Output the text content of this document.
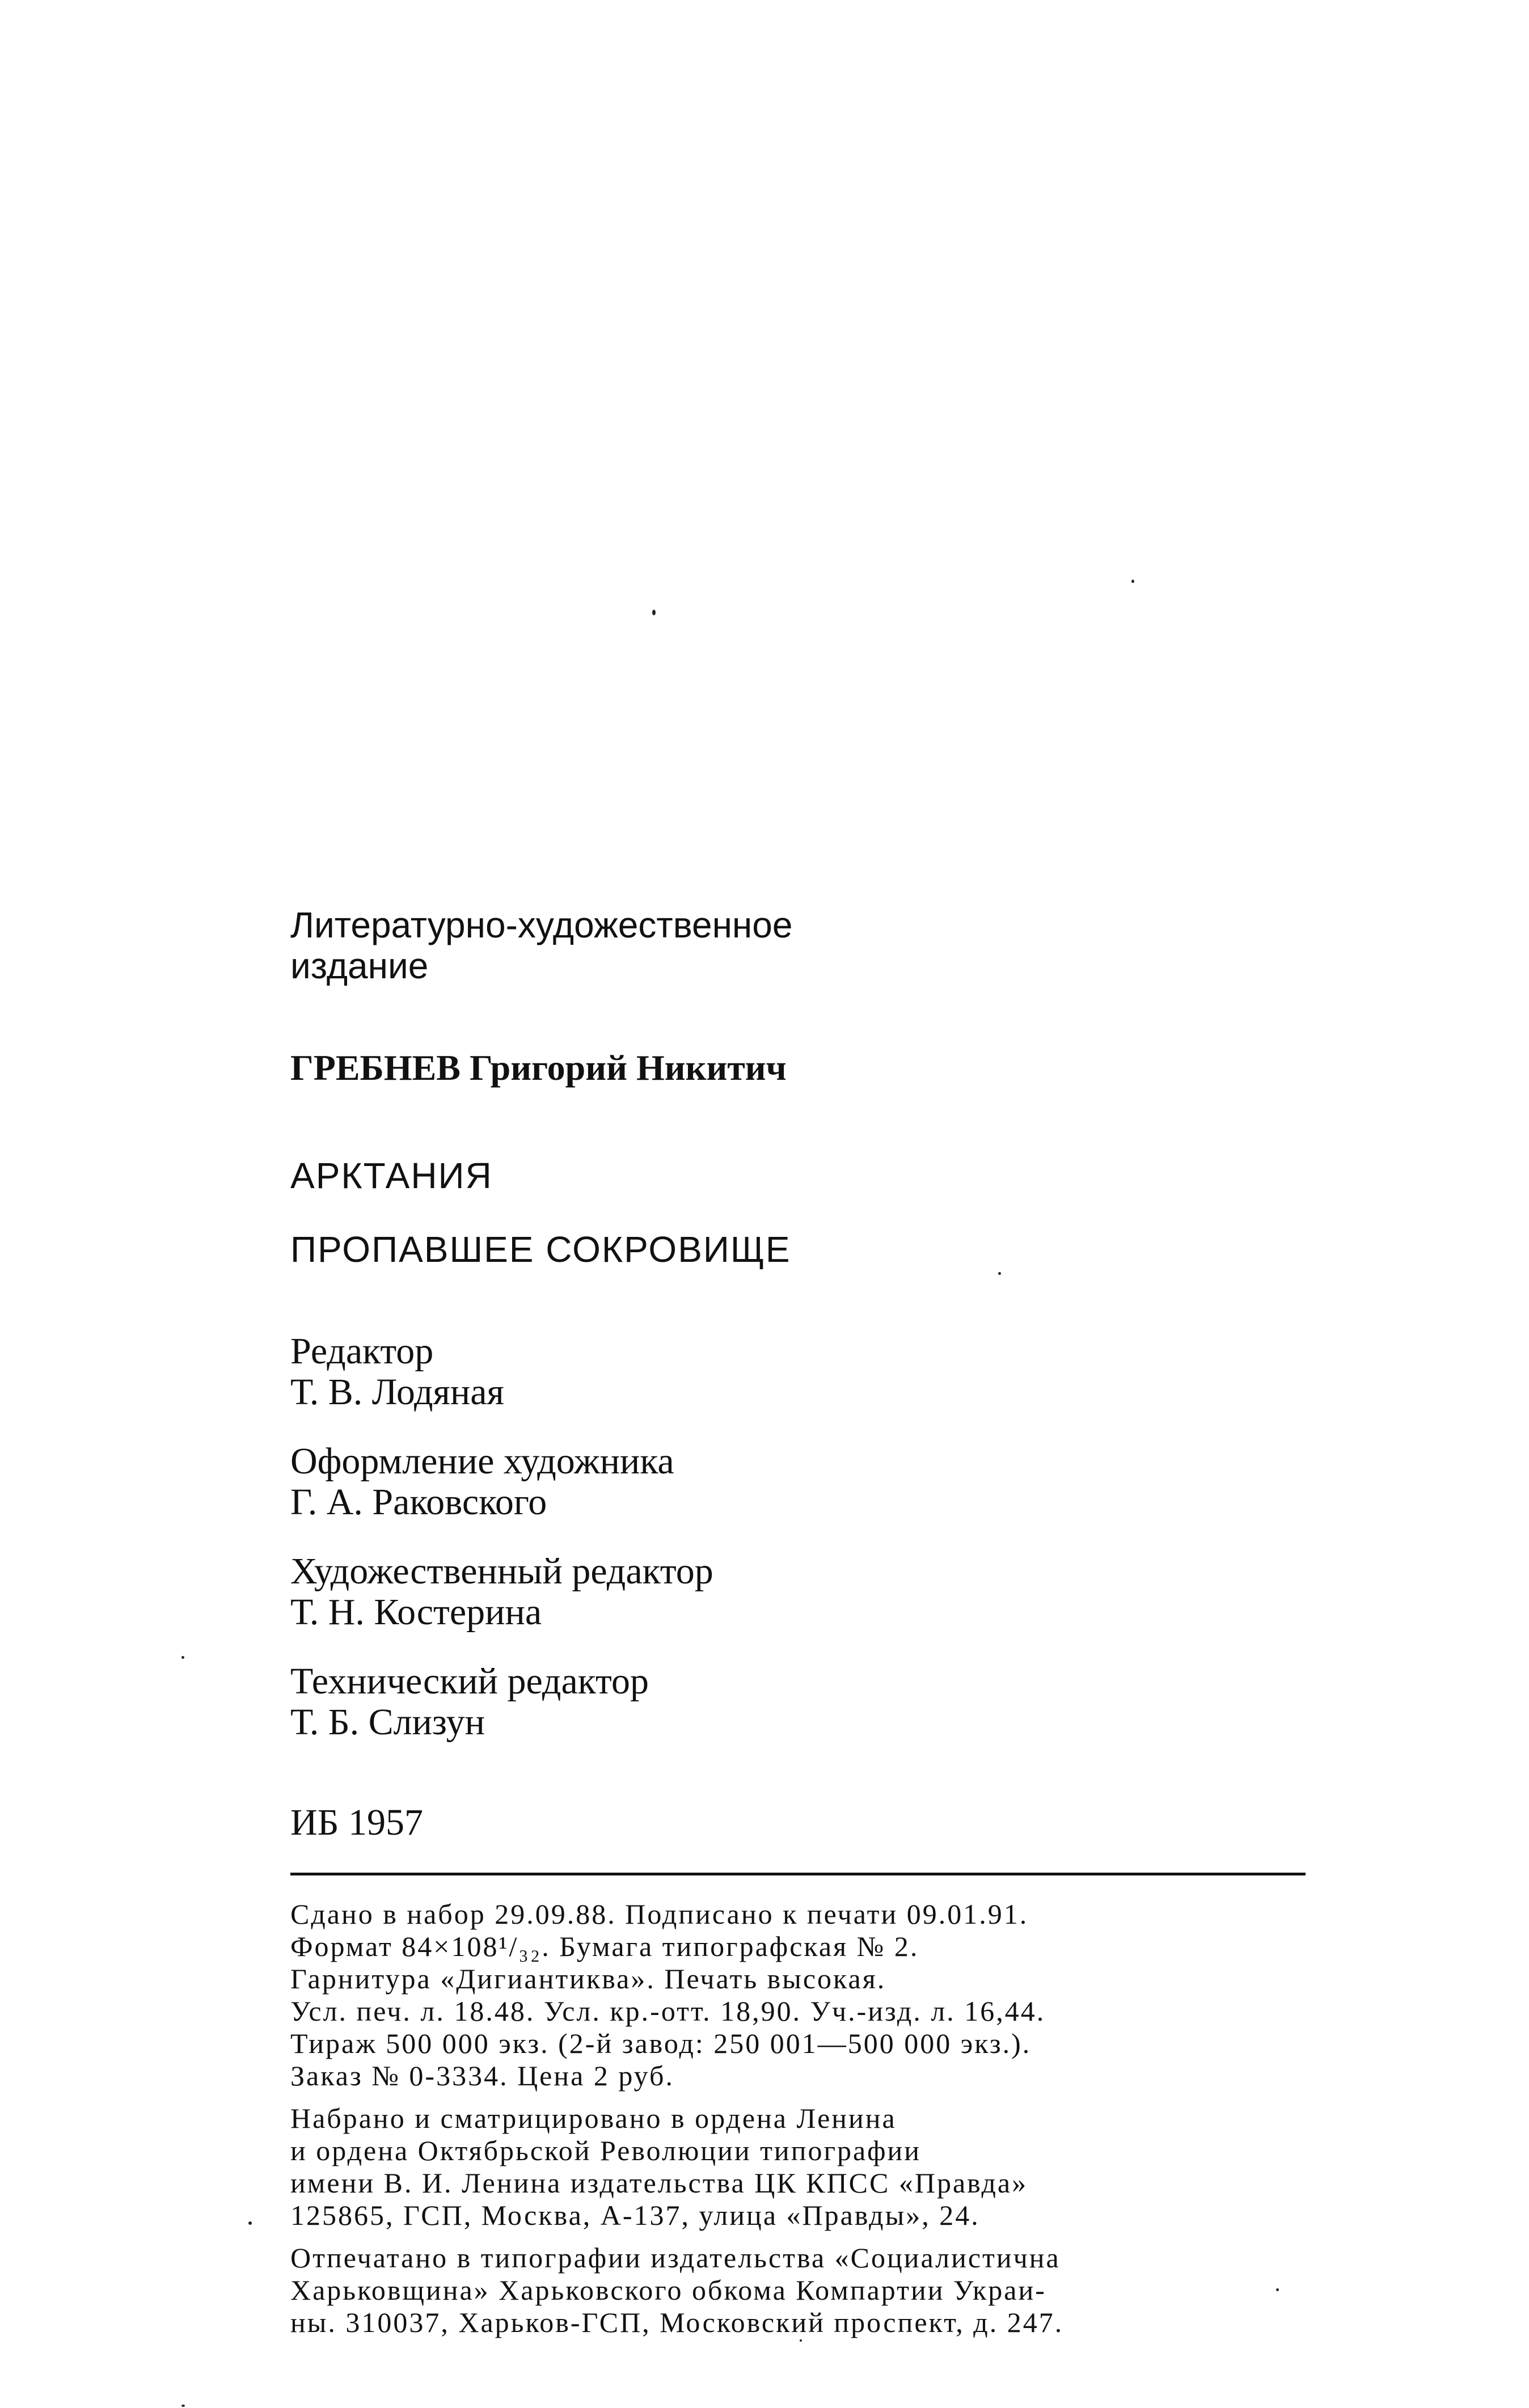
Литературно-художественное
издание
ГРЕБНЕВ Григорий Никитич
АРКТАНИЯ
ПРОПАВШЕЕ СОКРОВИЩЕ
Редактор
Т. В. Лодяная
Оформление художника
Г. А. Раковского
Художественный редактор
Т. Н. Костерина
Технический редактор
Т. Б. Слизун
ИБ 1957

Сдано в набор 29.09.88. Подписано к печати 09.01.91.
Формат 84×108¹/₃₂. Бумага типографская № 2.
Гарнитура «Дигиантиква». Печать высокая.
Усл. печ. л. 18.48. Усл. кр.-отт. 18,90. Уч.-изд. л. 16,44.
Тираж 500 000 экз. (2-й завод: 250 001—500 000 экз.).
Заказ № 0-3334. Цена 2 руб.

Набрано и сматрицировано в ордена Ленина
и ордена Октябрьской Революции типографии
имени В. И. Ленина издательства ЦК КПСС «Правда»
125865, ГСП, Москва, А-137, улица «Правды», 24.

Отпечатано в типографии издательства «Социалистична
Харьковщина» Харьковского обкома Компартии Украи-
ны. 310037, Харьков-ГСП, Московский проспект, д. 247.
